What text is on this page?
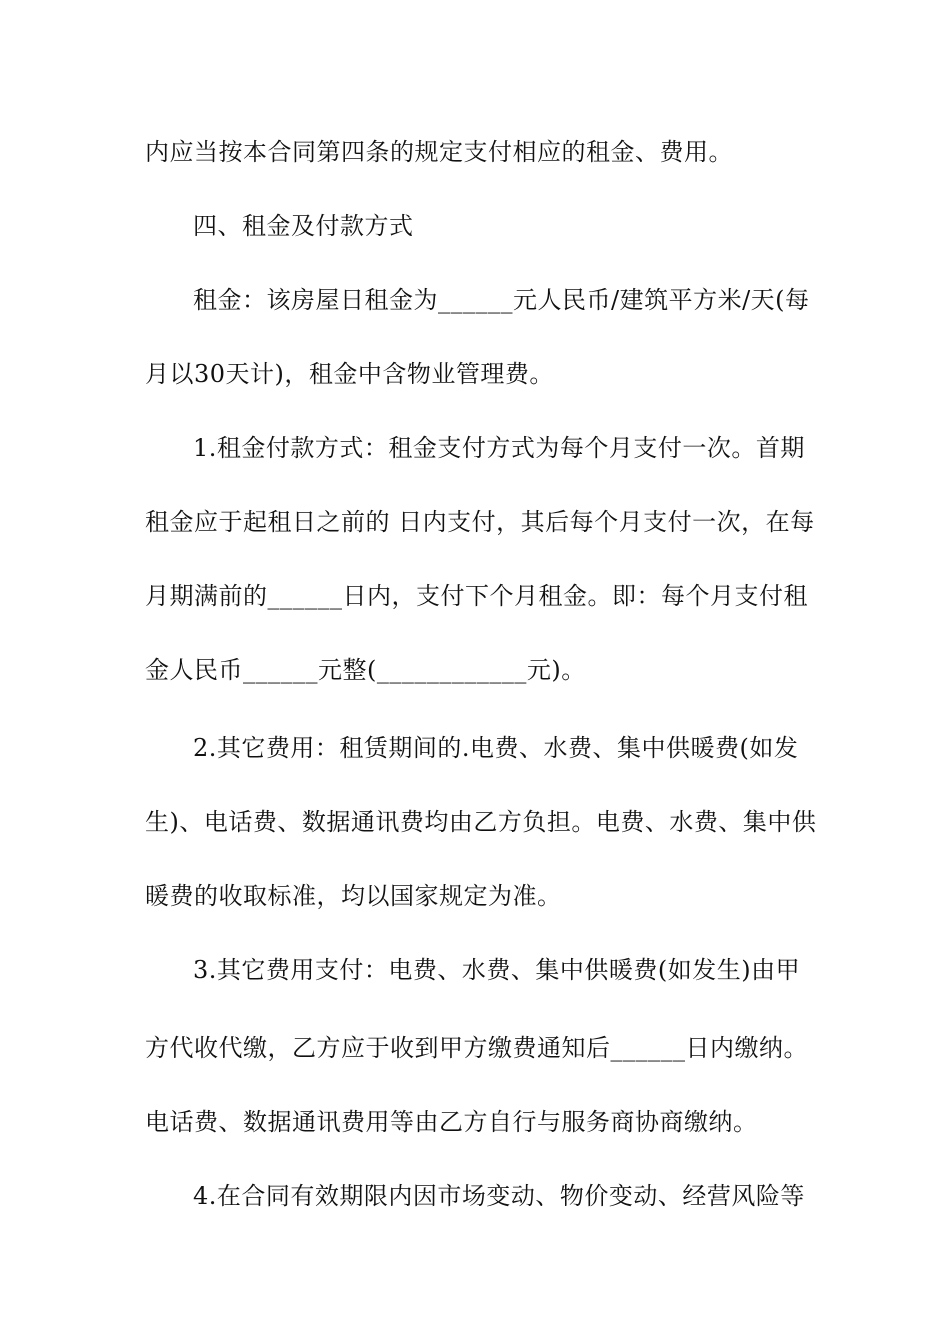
内应当按本合同第四条的规定支付相应的租金、费用。
四、租金及付款方式
租金：该房屋日租金为______元人民币/建筑平方米/天(每
月以30天计)，租金中含物业管理费。
1.租金付款方式：租金支付方式为每个月支付一次。首期
租金应于起租日之前的 日内支付，其后每个月支付一次，在每
月期满前的______日内，支付下个月租金。即：每个月支付租
金人民币______元整(____________元)。
2.其它费用：租赁期间的.电费、水费、集中供暖费(如发
生)、电话费、数据通讯费均由乙方负担。电费、水费、集中供
暖费的收取标准，均以国家规定为准。
3.其它费用支付：电费、水费、集中供暖费(如发生)由甲
方代收代缴，乙方应于收到甲方缴费通知后______日内缴纳。
电话费、数据通讯费用等由乙方自行与服务商协商缴纳。
4.在合同有效期限内因市场变动、物价变动、经营风险等
